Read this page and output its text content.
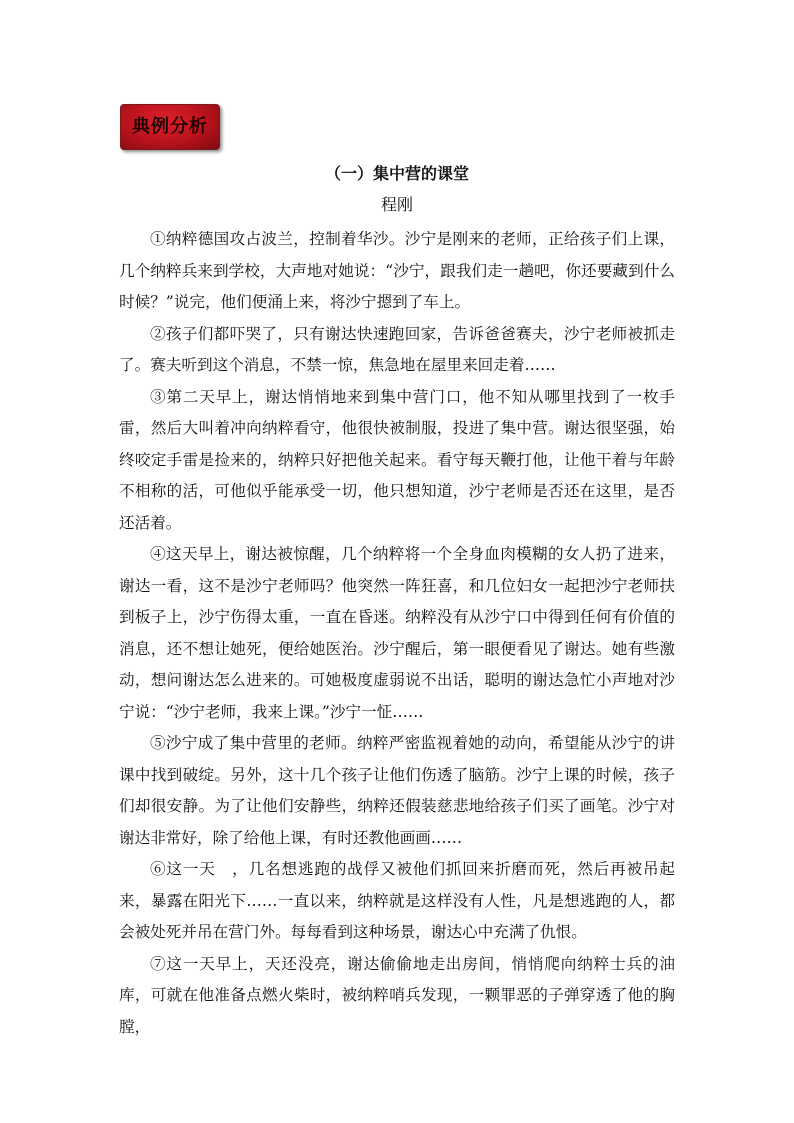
典例分析
（一）集中营的课堂
程刚

①纳粹德国攻占波兰，控制着华沙。沙宁是刚来的老师，正给孩子们上课，几个纳粹兵来到学校，大声地对她说：“沙宁，跟我们走一趟吧，你还要藏到什么时候？”说完，他们便涌上来，将沙宁摁到了车上。

②孩子们都吓哭了，只有谢达快速跑回家，告诉爸爸赛夫，沙宁老师被抓走了。赛夫听到这个消息，不禁一惊，焦急地在屋里来回走着……

③第二天早上，谢达悄悄地来到集中营门口，他不知从哪里找到了一枚手雷，然后大叫着冲向纳粹看守，他很快被制服，投进了集中营。谢达很坚强，始终咬定手雷是捡来的，纳粹只好把他关起来。看守每天鞭打他，让他干着与年龄不相称的活，可他似乎能承受一切，他只想知道，沙宁老师是否还在这里，是否还活着。

④这天早上，谢达被惊醒，几个纳粹将一个全身血肉模糊的女人扔了进来，谢达一看，这不是沙宁老师吗？他突然一阵狂喜，和几位妇女一起把沙宁老师扶到板子上，沙宁伤得太重，一直在昏迷。纳粹没有从沙宁口中得到任何有价值的消息，还不想让她死，便给她医治。沙宁醒后，第一眼便看见了谢达。她有些激动，想问谢达怎么进来的。可她极度虚弱说不出话，聪明的谢达急忙小声地对沙宁说：“沙宁老师，我来上课。”沙宁一怔……

⑤沙宁成了集中营里的老师。纳粹严密监视着她的动向，希望能从沙宁的讲课中找到破绽。另外，这十几个孩子让他们伤透了脑筋。沙宁上课的时候，孩子们却很安静。为了让他们安静些，纳粹还假装慈悲地给孩子们买了画笔。沙宁对谢达非常好，除了给他上课，有时还教他画画……

⑥这一天　，几名想逃跑的战俘又被他们抓回来折磨而死，然后再被吊起来，暴露在阳光下……一直以来，纳粹就是这样没有人性，凡是想逃跑的人，都会被处死并吊在营门外。每每看到这种场景，谢达心中充满了仇恨。

⑦这一天早上，天还没亮，谢达偷偷地走出房间，悄悄爬向纳粹士兵的油库，可就在他准备点燃火柴时，被纳粹哨兵发现，一颗罪恶的子弹穿透了他的胸膛，
